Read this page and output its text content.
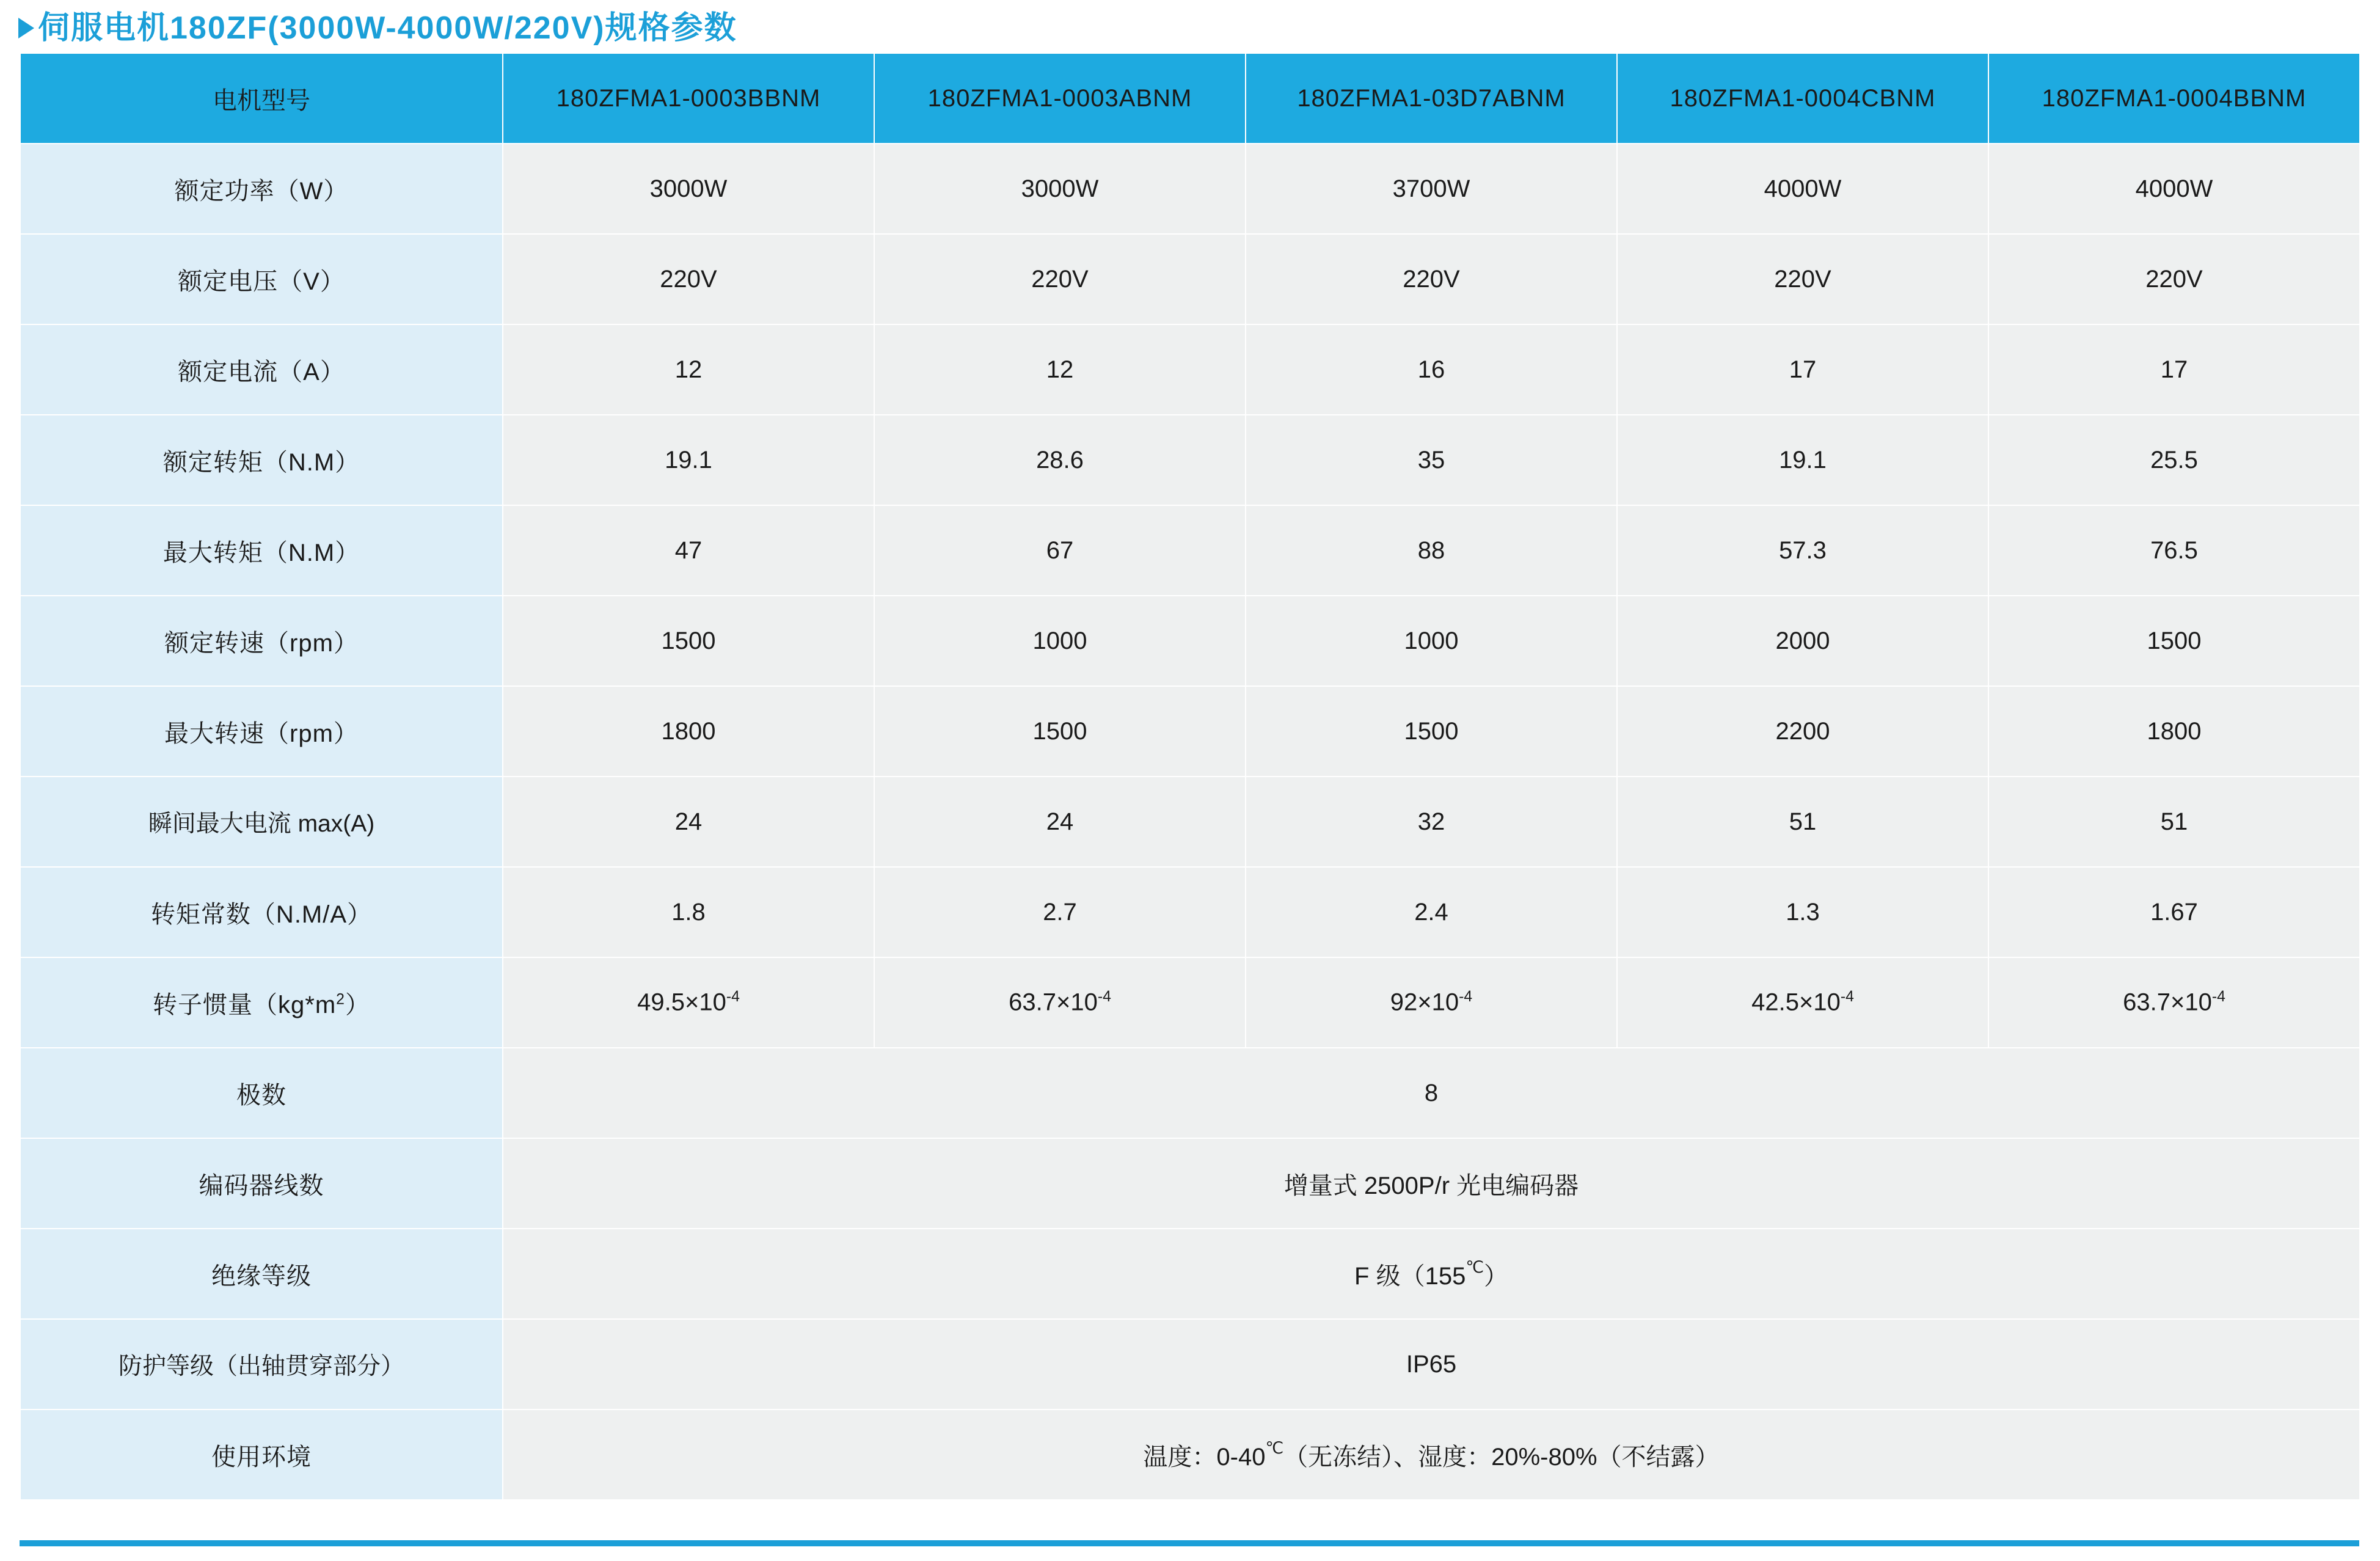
伺服电机180ZF(3000W-4000W/220V)规格参数
电机型号	180ZFMA1-0003BBNM	180ZFMA1-0003ABNM	180ZFMA1-03D7ABNM	180ZFMA1-0004CBNM	180ZFMA1-0004BBNM
额定功率（W）	3000W	3000W	3700W	4000W	4000W
额定电压（V）	220V	220V	220V	220V	220V
额定电流（A）	12	12	16	17	17
额定转矩（N.M）	19.1	28.6	35	19.1	25.5
最大转矩（N.M）	47	67	88	57.3	76.5
额定转速（rpm）	1500	1000	1000	2000	1500
最大转速（rpm）	1800	1500	1500	2200	1800
瞬间最大电流 max(A)	24	24	32	51	51
转矩常数（N.M/A）	1.8	2.7	2.4	1.3	1.67
转子惯量$(kg*m^2)$	$49.5\times 10^{-4}$	$63.7\times 10^{-4}$	$92\times 10^{-4}$	$42.5\times 10^{-4}$	$63.7\times 10^{-4}$
极数	8				
编码器线数	增量式 2500P/r 光电编码器				
绝缘等级	F 级（155℃）				
防护等级（出轴贯穿部分）	IP65				
使用环境	温度：0-40℃（无冻结）、湿度：20%-80%（不结露）				
